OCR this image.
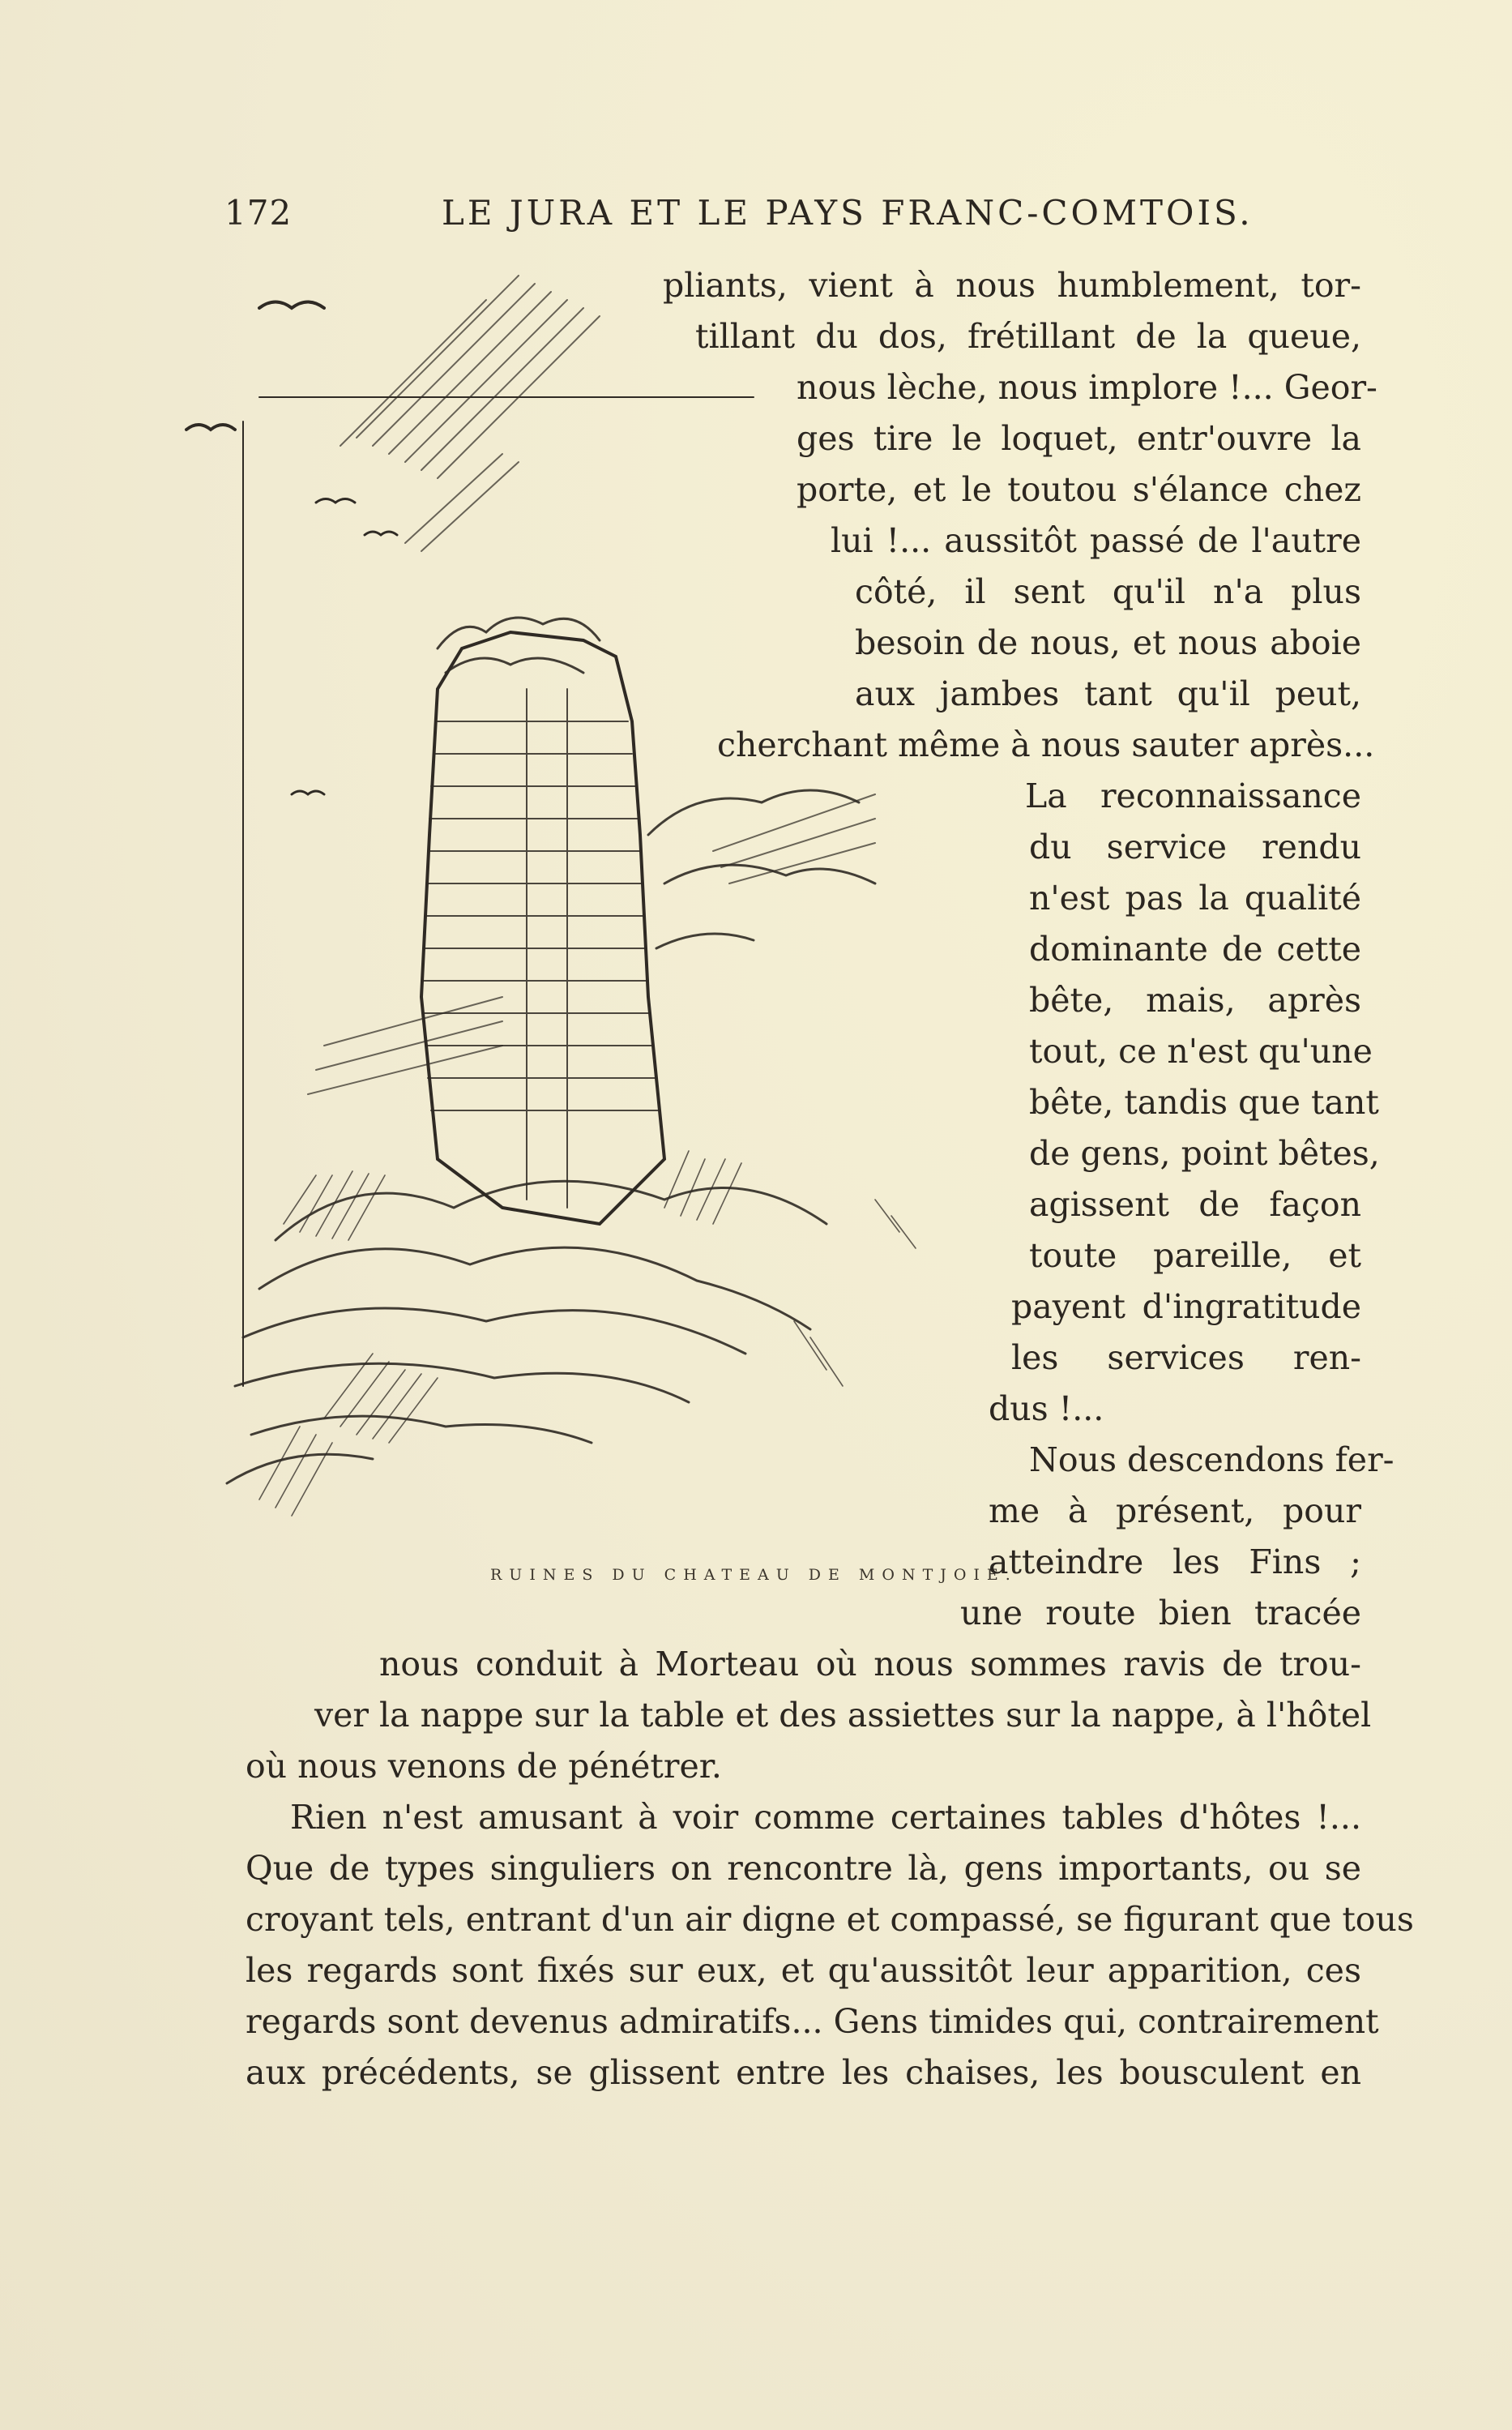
172	LE JURA ET LE PAYS FRANC-COMTOIS.
RUINES DU CHATEAU DE MONTJOIE.
pliants, vient à nous humblement, tor-
tillant du dos, frétillant de la queue,
nous lèche, nous implore !... Geor-
ges tire le loquet, entr'ouvre la
porte, et le toutou s'élance chez
lui !... aussitôt passé de l'autre
côté, il sent qu'il n'a plus
besoin de nous, et nous aboie
aux jambes tant qu'il peut,
cherchant même à nous sauter après...
La reconnaissance
du service rendu
n'est pas la qualité
dominante de cette
bête, mais, après
tout, ce n'est qu'une
bête, tandis que tant
de gens, point bêtes,
agissent de façon
toute pareille, et
payent d'ingratitude
les services ren-
dus !...
Nous descendons fer-
me à présent, pour
atteindre les Fins ;
une route bien tracée
nous conduit à Morteau où nous sommes ravis de trou-
ver la nappe sur la table et des assiettes sur la nappe, à l'hôtel
où nous venons de pénétrer.
Rien n'est amusant à voir comme certaines tables d'hôtes !...
Que de types singuliers on rencontre là, gens importants, ou se
croyant tels, entrant d'un air digne et compassé, se figurant que tous
les regards sont fixés sur eux, et qu'aussitôt leur apparition, ces
regards sont devenus admiratifs... Gens timides qui, contrairement
aux précédents, se glissent entre les chaises, les bousculent en
